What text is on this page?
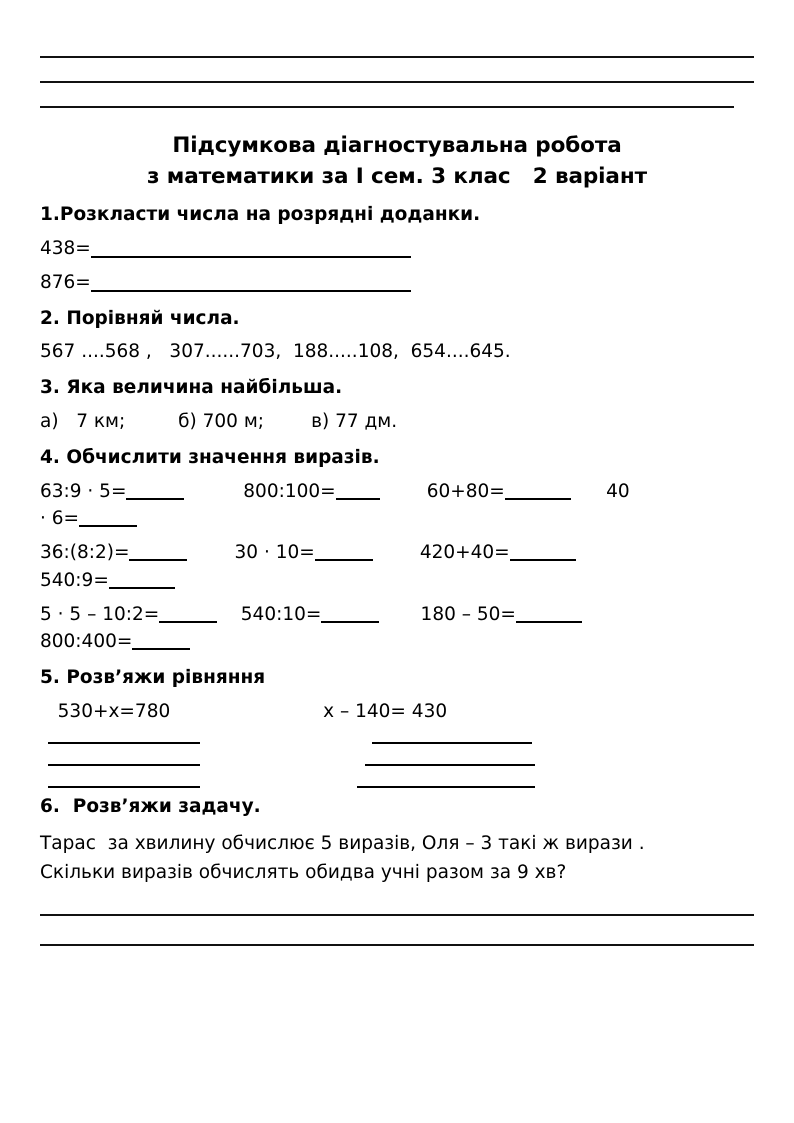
Підсумкова діагностувальна робота
з математики за I сем. 3 клас   2 варіант
1.Розкласти числа на розрядні доданки.
438=
876=
2. Порівняй числа.
567 ....568 ,   307......703,  188.....108,  654....645.
3. Яка величина найбільша.
а)   7 км;         б) 700 м;        в) 77 дм.
4. Обчислити значення виразів.
63:9 · 5=	800:100=	60+80=	40
· 6=
36:(8:2)=	30 · 10=	420+40=
540:9=
5 · 5 – 10:2=	540:10=	180 – 50=
800:400=
5. Розв’яжи рівняння
530+х=780	х – 140= 430
6.  Розв’яжи задачу.
Тарас  за хвилину обчислює 5 виразів, Оля – 3 такі ж вирази .
Скільки виразів обчислять обидва учні разом за 9 хв?
